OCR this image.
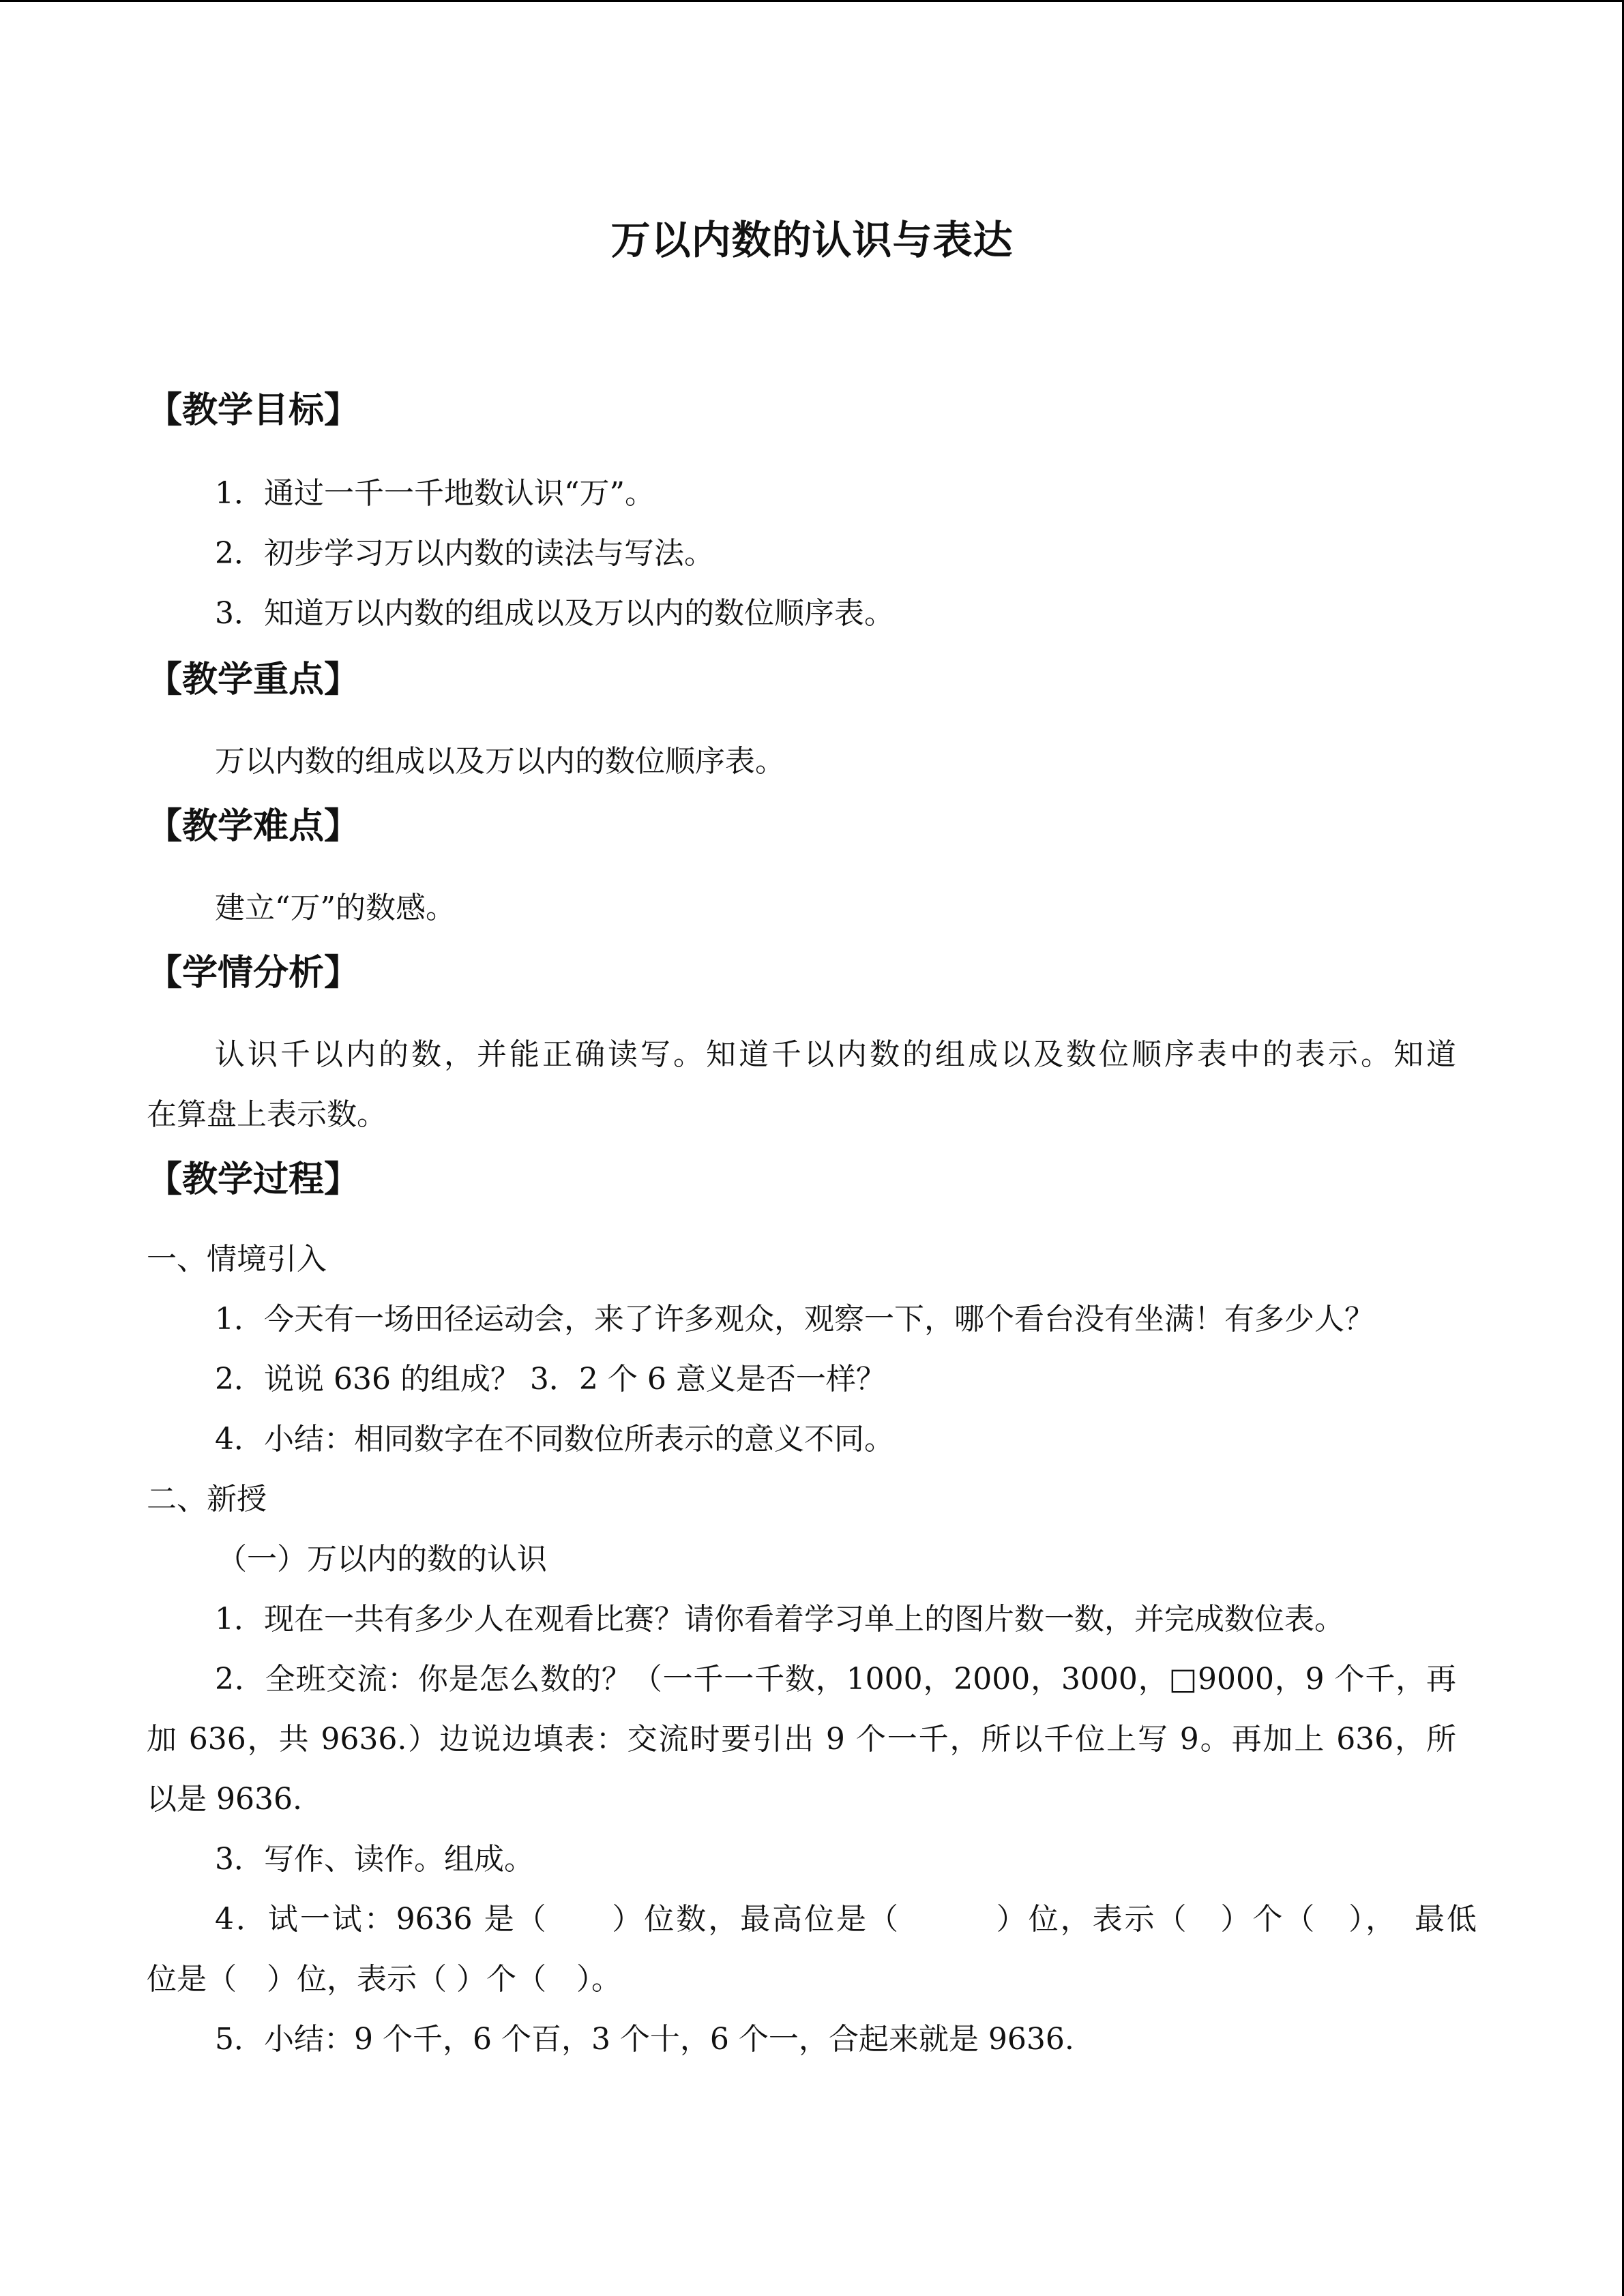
万以内数的认识与表达
【教学目标】
1．通过一千一千地数认识“万”。
2．初步学习万以内数的读法与写法。
3．知道万以内数的组成以及万以内的数位顺序表。
【教学重点】
万以内数的组成以及万以内的数位顺序表。
【教学难点】
建立“万”的数感。
【学情分析】
认识千以内的数，并能正确读写。知道千以内数的组成以及数位顺序表中的表示。知道
在算盘上表示数。
【教学过程】
一、情境引入
1．今天有一场田径运动会，来了许多观众，观察一下，哪个看台没有坐满！有多少人？
2．说说 636 的组成？ 3．2 个 6 意义是否一样？
4．小结：相同数字在不同数位所表示的意义不同。
二、新授
（一）万以内的数的认识
1．现在一共有多少人在观看比赛？请你看着学习单上的图片数一数，并完成数位表。
2．全班交流：你是怎么数的？（一千一千数，1000，2000，3000，□9000，9 个千，再
加 636，共 9636.）边说边填表：交流时要引出 9 个一千，所以千位上写 9。再加上 636，所
以是 9636.
3．写作、读作。组成。
4．试一试：9636 是（　　）位数，最高位是（　　　）位，表示（　）个（　），　最低
位是（　）位，表示（ ）个（　）。
5．小结：9 个千，6 个百，3 个十，6 个一，合起来就是 9636.
